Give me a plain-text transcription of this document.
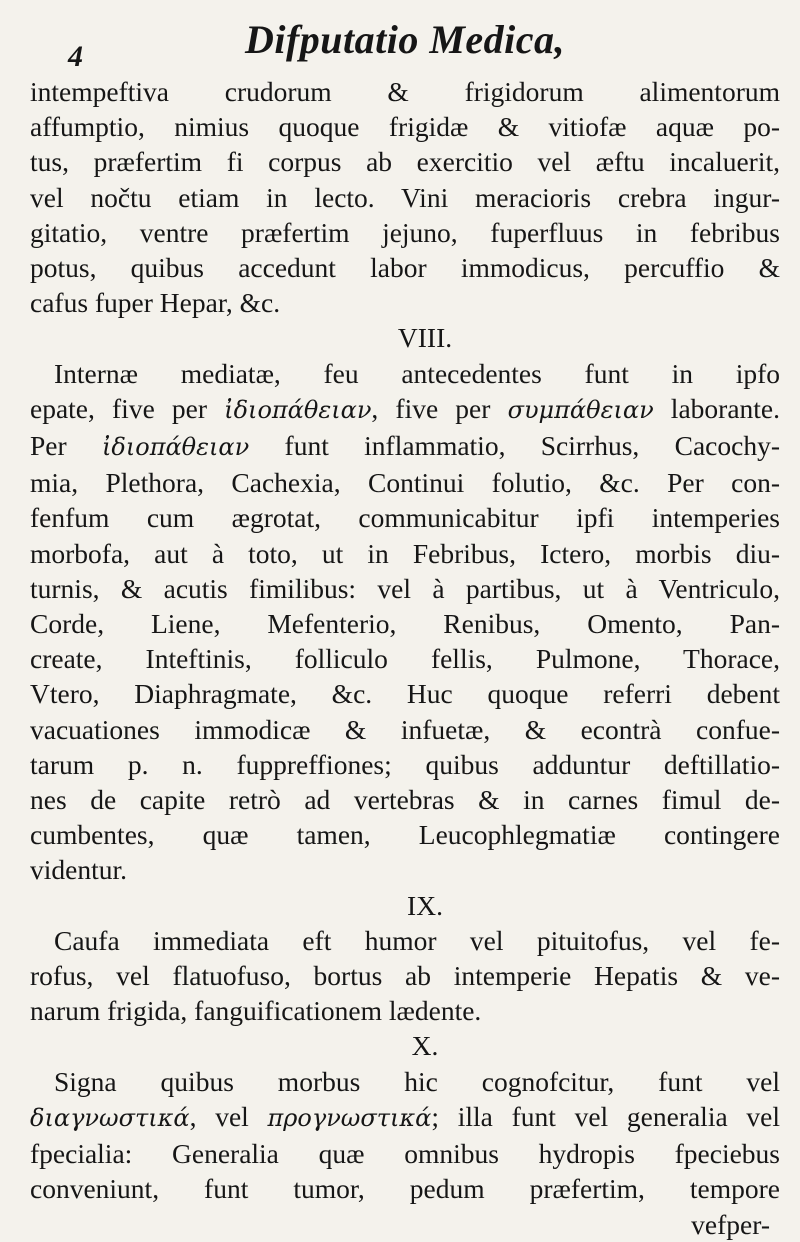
4	Difputatio Medica,
intempeftiva crudorum & frigidorum alimentorum
affumptio, nimius quoque frigidæ & vitiofæ aquæ po-
tus, præfertim fi corpus ab exercitio vel æftu incaluerit,
vel nočtu etiam in lecto. Vini meracioris crebra ingur-
gitatio, ventre præfertim jejuno, fuperfluus in febribus
potus, quibus accedunt labor immodicus, percuffio &
cafus fuper Hepar, &c.
VIII.
Internæ mediatæ, feu antecedentes funt in ipfo
epate, five per ἰδιοπάθειαν, five per συμπάθειαν laborante.
Per ἰδιοπάθειαν funt inflammatio, Scirrhus, Cacochy-
mia, Plethora, Cachexia, Continui folutio, &c. Per con-
fenfum cum ægrotat, communicabitur ipfi intemperies
morbofa, aut à toto, ut in Febribus, Ictero, morbis diu-
turnis, & acutis fimilibus: vel à partibus, ut à Ventriculo,
Corde, Liene, Mefenterio, Renibus, Omento, Pan-
create, Inteftinis, folliculo fellis, Pulmone, Thorace,
Vtero, Diaphragmate, &c. Huc quoque referri debent
vacuationes immodicæ & infuetæ, & econtrà confue-
tarum p. n. fuppreffiones; quibus adduntur deftillatio-
nes de capite retrò ad vertebras & in carnes fimul de-
cumbentes, quæ tamen, Leucophlegmatiæ contingere
videntur.
IX.
Caufa immediata eft humor vel pituitofus, vel fe-
rofus, vel flatuofuso, bortus ab intemperie Hepatis & ve-
narum frigida, fanguificationem lædente.
X.
Signa quibus morbus hic cognofcitur, funt vel
διαγνωστικά, vel προγνωστικά; illa funt vel generalia vel
fpecialia: Generalia quæ omnibus hydropis fpeciebus
conveniunt, funt tumor, pedum præfertim, tempore
vefper-
